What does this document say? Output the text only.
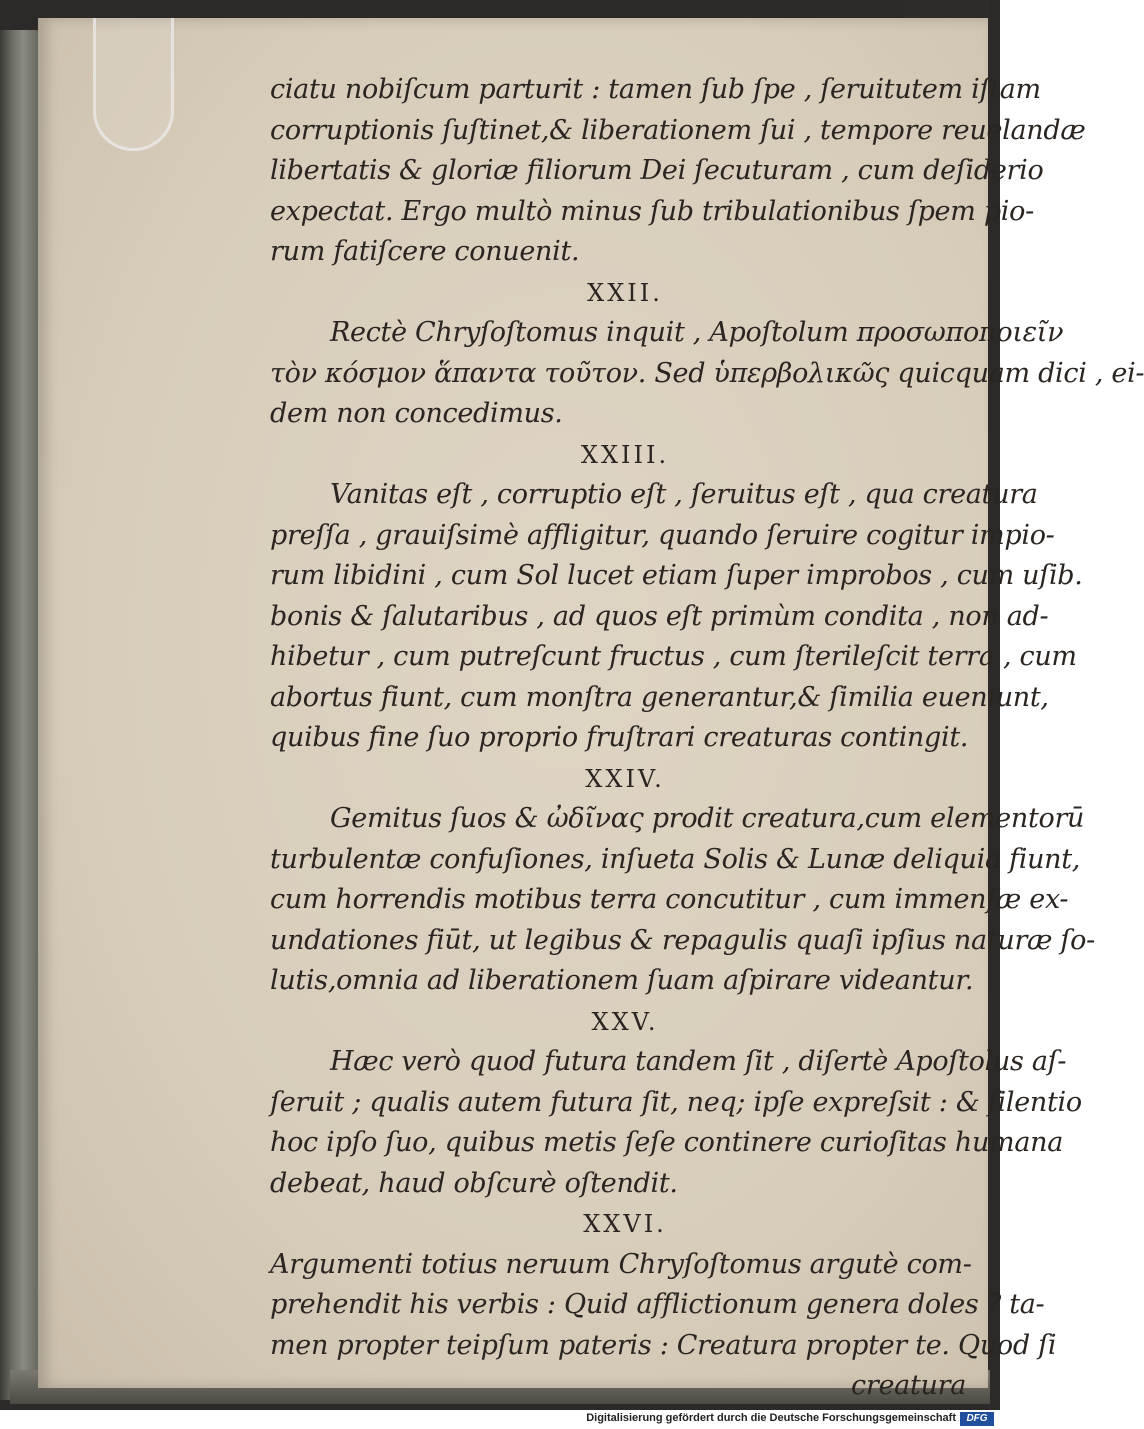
ciatu nobiſcum parturit : tamen ſub ſpe , ſeruitutem iſtam
corruptionis ſuſtinet,& liberationem ſui , tempore reuelandæ
libertatis & gloriæ filiorum Dei ſecuturam , cum deſiderio
expectat. Ergo multò minus ſub tribulationibus ſpem pio-
rum fatiſcere conuenit.
XXII.
Rectè Chryſoſtomus inquit , Apoſtolum προσωποποιεῖν
τὸν κόσμον ἅπαντα τοῦτον. Sed ὑπερβολικῶς quicquam dici , ei-
dem non concedimus.
XXIII.
Vanitas eſt , corruptio eſt , ſeruitus eſt , qua creatura
preſſa , grauiſsimè affligitur, quando ſeruire cogitur impio-
rum libidini , cum Sol lucet etiam ſuper improbos , cum uſib.
bonis & ſalutaribus , ad quos eſt primùm condita , non ad-
hibetur , cum putreſcunt fructus , cum ſterileſcit terra , cum
abortus fiunt, cum monſtra generantur,& ſimilia eueniunt,
quibus fine ſuo proprio fruſtrari creaturas contingit.
XXIV.
Gemitus ſuos & ὠδῖνας prodit creatura,cum elementorū
turbulentæ confuſiones, inſueta Solis & Lunæ deliquia fiunt,
cum horrendis motibus terra concutitur , cum immenſæ ex-
undationes fiūt, ut legibus & repagulis quaſi ipſius naturæ ſo-
lutis,omnia ad liberationem ſuam aſpirare videantur.
XXV.
Hæc verò quod futura tandem ſit , diſertè Apoſtolus aſ-
ſeruit ; qualis autem futura ſit, neq; ipſe expreſsit : & ſilentio
hoc ipſo ſuo, quibus metis ſeſe continere curioſitas humana
debeat, haud obſcurè oſtendit.
XXVI.
Argumenti totius neruum Chryſoſtomus argutè com-
prehendit his verbis : Quid afflictionum genera doles ? ta-
men propter teipſum pateris : Creatura propter te. Quod ſi
creatura
Digitalisierung gefördert durch die Deutsche Forschungsgemeinschaft	DFG
